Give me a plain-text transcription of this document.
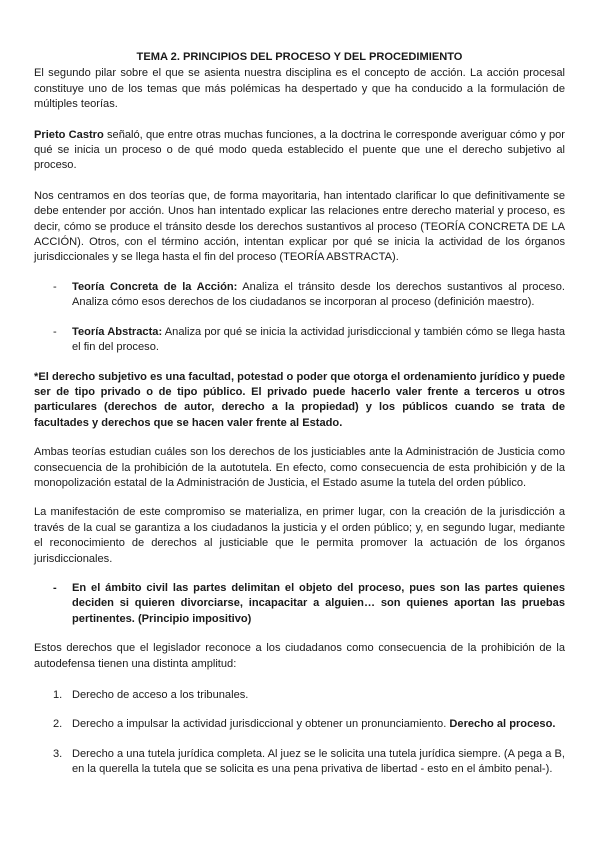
TEMA 2. PRINCIPIOS DEL PROCESO Y DEL PROCEDIMIENTO

El segundo pilar sobre el que se asienta nuestra disciplina es el concepto de acción. La acción procesal constituye uno de los temas que más polémicas ha despertado y que ha conducido a la formulación de múltiples teorías.

Prieto Castro señaló, que entre otras muchas funciones, a la doctrina le corresponde averiguar cómo y por qué se inicia un proceso o de qué modo queda establecido el puente que une el derecho subjetivo al proceso.

Nos centramos en dos teorías que, de forma mayoritaria, han intentado clarificar lo que definitivamente se debe entender por acción. Unos han intentado explicar las relaciones entre derecho material y proceso, es decir, cómo se produce el tránsito desde los derechos sustantivos al proceso (TEORÍA CONCRETA DE LA ACCIÓN). Otros, con el término acción, intentan explicar por qué se inicia la actividad de los órganos jurisdiccionales y se llega hasta el fin del proceso (TEORÍA ABSTRACTA).

- Teoría Concreta de la Acción: Analiza el tránsito desde los derechos sustantivos al proceso. Analiza cómo esos derechos de los ciudadanos se incorporan al proceso (definición maestro).
- Teoría Abstracta: Analiza por qué se inicia la actividad jurisdiccional y también cómo se llega hasta el fin del proceso.

*El derecho subjetivo es una facultad, potestad o poder que otorga el ordenamiento jurídico y puede ser de tipo privado o de tipo público. El privado puede hacerlo valer frente a terceros u otros particulares (derechos de autor, derecho a la propiedad) y los públicos cuando se trata de facultades y derechos que se hacen valer frente al Estado.

Ambas teorías estudian cuáles son los derechos de los justiciables ante la Administración de Justicia como consecuencia de la prohibición de la autotutela. En efecto, como consecuencia de esta prohibición y de la monopolización estatal de la Administración de Justicia, el Estado asume la tutela del orden público.

La manifestación de este compromiso se materializa, en primer lugar, con la creación de la jurisdicción a través de la cual se garantiza a los ciudadanos la justicia y el orden público; y, en segundo lugar, mediante el reconocimiento de derechos al justiciable que le permita promover la actuación de los órganos jurisdiccionales.

- En el ámbito civil las partes delimitan el objeto del proceso, pues son las partes quienes deciden si quieren divorciarse, incapacitar a alguien… son quienes aportan las pruebas pertinentes. (Principio impositivo)

Estos derechos que el legislador reconoce a los ciudadanos como consecuencia de la prohibición de la autodefensa tienen una distinta amplitud:

1. Derecho de acceso a los tribunales.
2. Derecho a impulsar la actividad jurisdiccional y obtener un pronunciamiento. Derecho al proceso.
3. Derecho a una tutela jurídica completa. Al juez se le solicita una tutela jurídica siempre. (A pega a B, en la querella la tutela que se solicita es una pena privativa de libertad - esto en el ámbito penal-).
